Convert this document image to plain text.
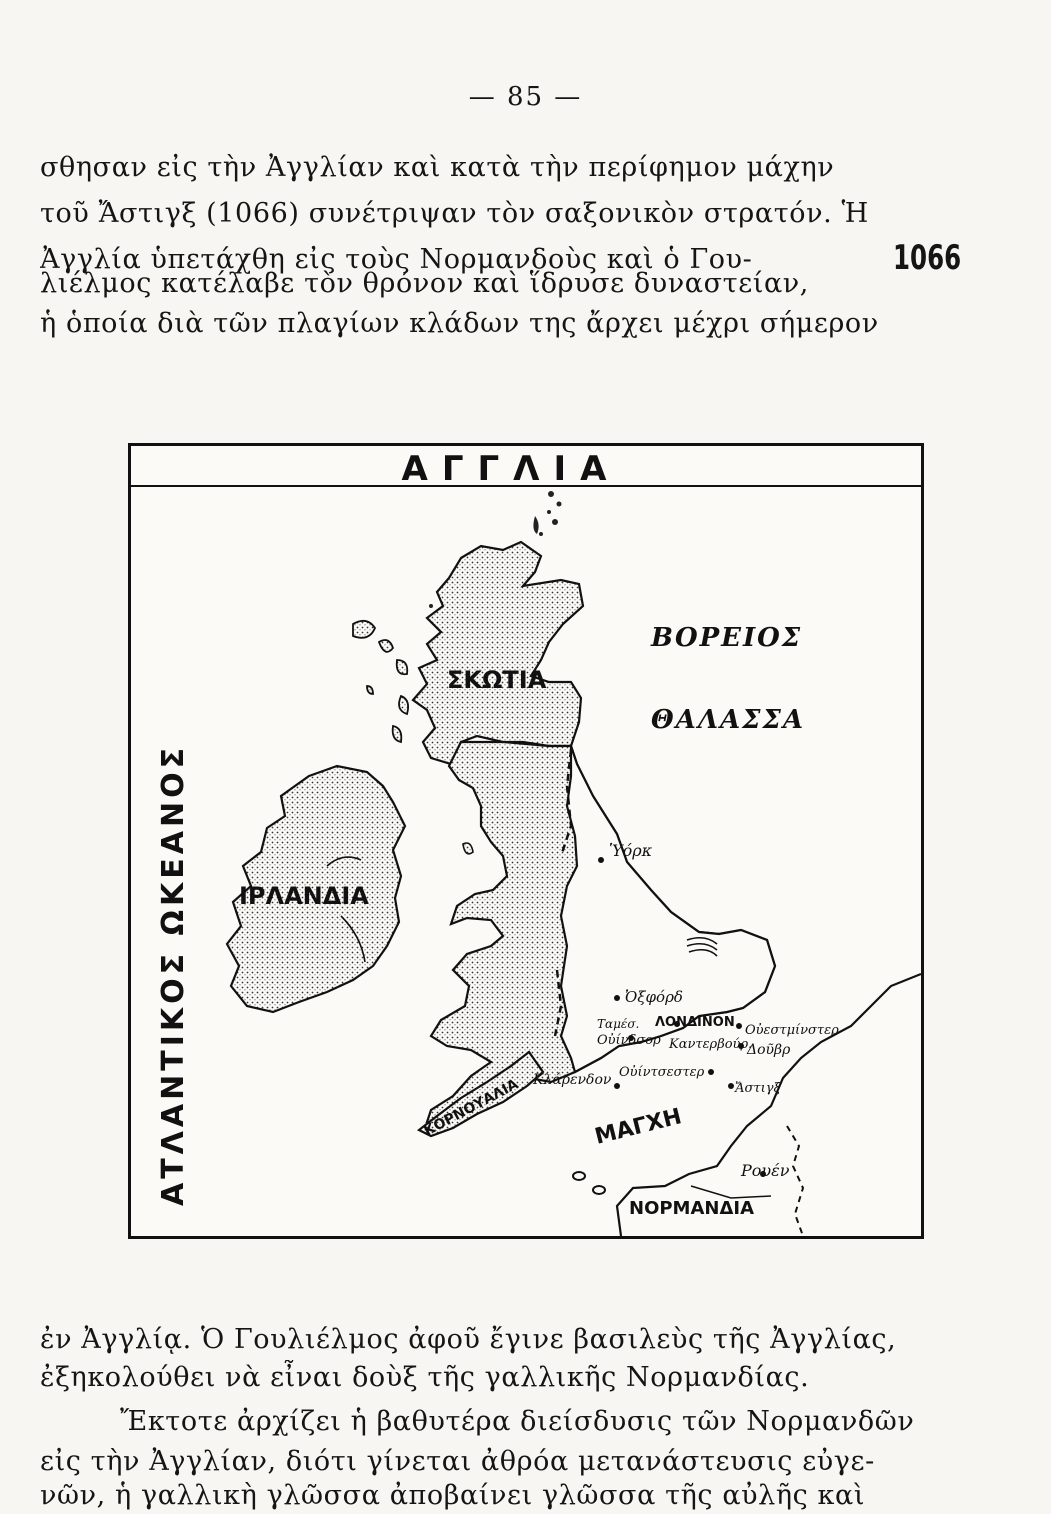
— 85 —
σθησαν εἰς τὴν Ἀγγλίαν καὶ κατὰ τὴν περίφημον μάχην
τοῦ Ἄστιγξ (1066) συνέτριψαν τὸν σαξονικὸν στρατόν. Ἡ
Ἀγγλία ὑπετάχθη εἰς τοὺς Νορμανδοὺς καὶ ὁ Γου-
λιέλμος κατέλαβε τὸν θρόνον καὶ ἵδρυσε δυναστείαν,
ἡ ὁποία διὰ τῶν πλαγίων κλάδων της ἄρχει μέχρι σήμερον
1066
ΑΓΓΛΙΑ
ΑΤΛΑΝΤΙΚΟΣ ΩΚΕΑΝΟΣ
ΒΟΡΕΙΟΣ
ΘΑΛΑΣΣΑ
ΣΚΩΤΙΑ
ΙΡΛΑΝΔΙΑ
ΚΟΡΝΟΥΑΛΙΑ	ΜΑΓΧΗ
ΝΟΡΜΑΝΔΙΑ
Ὑόρκ
Ὀξφόρδ
Ταμέσ. ΛΟΝΔΙΝΟΝ
Οὐεστμίνστερ
Οὐίνδσορ Καντερβούρ.
Δοῦβρ
Κλάρενδον Οὐίντσεστερ
Ἄστιγξ
Ρουέν
ἐν Ἀγγλίᾳ. Ὁ Γουλιέλμος ἀφοῦ ἔγινε βασιλεὺς τῆς Ἀγγλίας,
ἐξηκολούθει νὰ εἶναι δοὺξ τῆς γαλλικῆς Νορμανδίας.
Ἔκτοτε ἀρχίζει ἡ βαθυτέρα διείσδυσις τῶν Νορμανδῶν
εἰς τὴν Ἀγγλίαν, διότι γίνεται ἀθρόα μετανάστευσις εὐγε-
νῶν, ἡ γαλλικὴ γλῶσσα ἀποβαίνει γλῶσσα τῆς αὐλῆς καὶ
